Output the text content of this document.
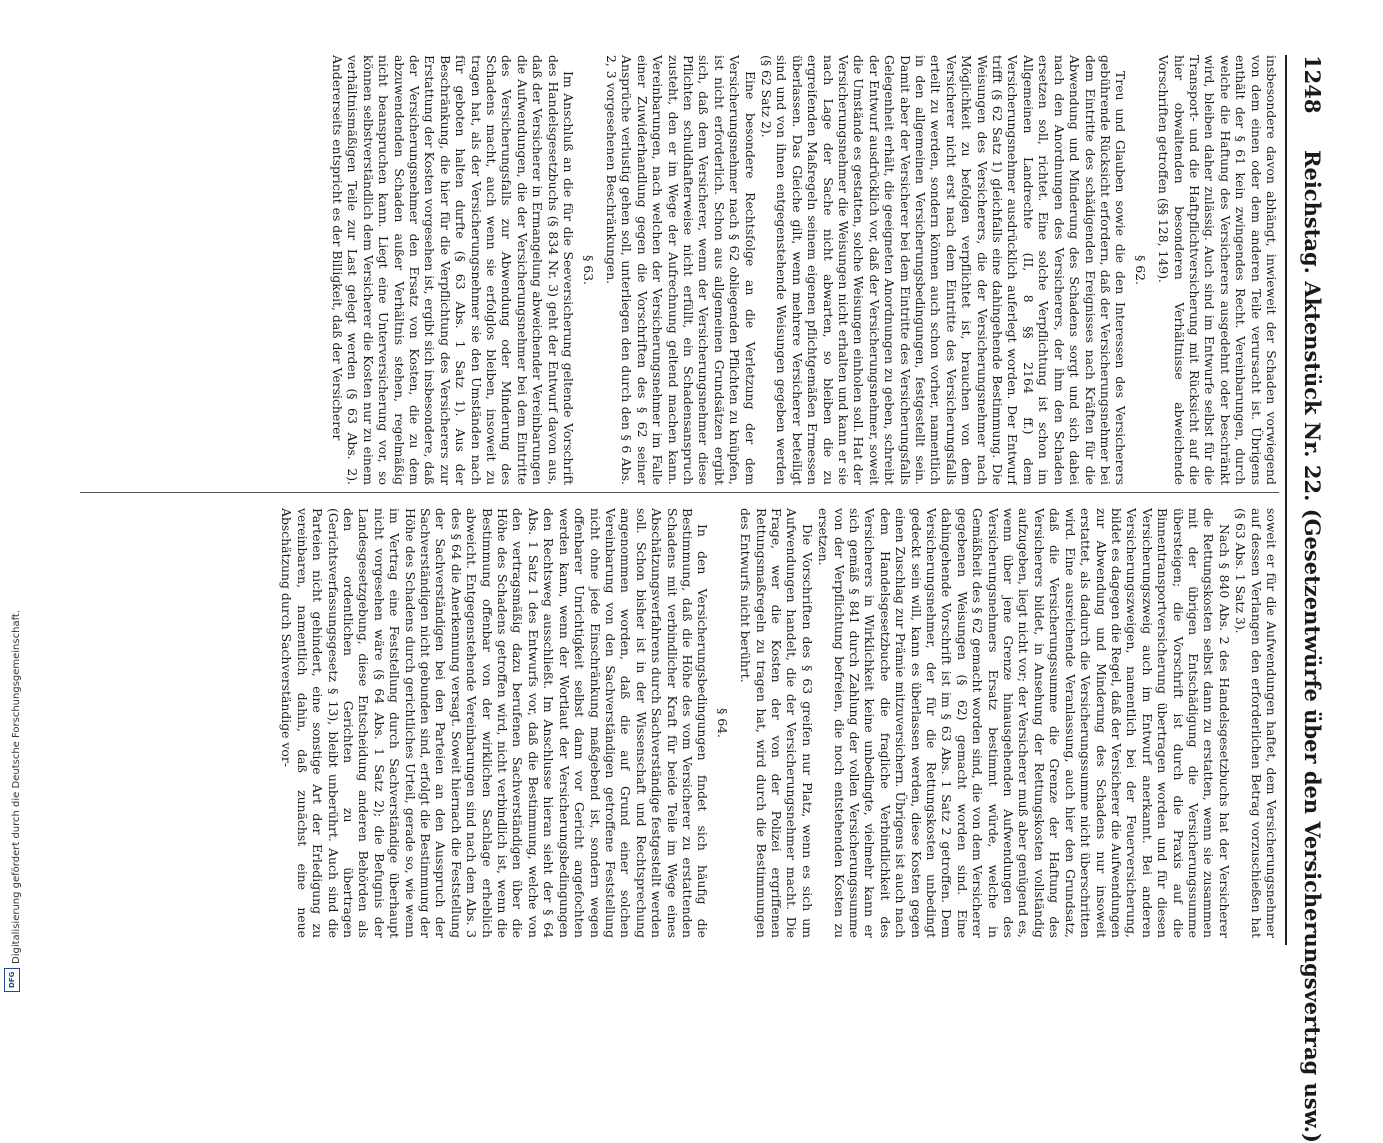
1248
Reichstag. Aktenstück Nr. 22. (Gesetzentwürfe über den Versicherungsvertrag usw.)

insbesondere davon abhängt, inwieweit der Schaden vorwiegend von dem einen oder dem anderen Teile verursacht ist. Übrigens enthält der § 61 kein zwingendes Recht. Vereinbarungen, durch welche die Haftung des Versicherers ausgedehnt oder beschränkt wird, bleiben daher zulässig. Auch sind im Entwurfe selbst für die Transport- und die Haftpflichtversicherung mit Rücksicht auf die hier obwaltenden besonderen Verhältnisse abweichende Vorschriften getroffen (§§ 128, 149).

§ 62.

Treu und Glauben sowie die den Interessen des Versicherers gebührende Rücksicht erfordern, daß der Versicherungsnehmer bei dem Eintritte des schädigenden Ereignisses nach Kräften für die Abwendung und Minderung des Schadens sorgt und sich dabei nach den Anordnungen des Versicherers, der ihm den Schaden ersetzen soll, richtet. Eine solche Verpflichtung ist schon im Allgemeinen Landrechte (II, 8 §§ 2164 ff.) dem Versicherungsnehmer ausdrücklich auferlegt worden. Der Entwurf trifft (§ 62 Satz 1) gleichfalls eine dahingehende Bestimmung. Die Weisungen des Versicherers, die der Versicherungsnehmer nach Möglichkeit zu befolgen verpflichtet ist, brauchen von dem Versicherer nicht erst nach dem Eintritte des Versicherungsfalls erteilt zu werden, sondern können auch schon vorher, namentlich in den allgemeinen Versicherungsbedingungen, festgestellt sein. Damit aber der Versicherer bei dem Eintritte des Versicherungsfalls Gelegenheit erhält, die geeigneten Anordnungen zu geben, schreibt der Entwurf ausdrücklich vor, daß der Versicherungsnehmer, soweit die Umstände es gestatten, solche Weisungen einholen soll. Hat der Versicherungsnehmer die Weisungen nicht erhalten und kann er sie nach Lage der Sache nicht abwarten, so bleiben die zu ergreifenden Maßregeln seinem eigenen pflichtgemäßen Ermessen überlassen. Das Gleiche gilt, wenn mehrere Versicherer beteiligt sind und von ihnen entgegenstehende Weisungen gegeben werden (§ 62 Satz 2).

Eine besondere Rechtsfolge an die Verletzung der dem Versicherungsnehmer nach § 62 obliegenden Pflichten zu knüpfen, ist nicht erforderlich. Schon aus allgemeinen Grundsätzen ergibt sich, daß dem Versicherer, wenn der Versicherungsnehmer diese Pflichten schuldhafterweise nicht erfüllt, ein Schadensanspruch zusteht, den er im Wege der Aufrechnung geltend machen kann. Vereinbarungen, nach welchen der Versicherungsnehmer im Falle einer Zuwiderhandlung gegen die Vorschriften des § 62 seiner Ansprüche verlustig gehen soll, unterliegen den durch den § 6 Abs. 2, 3 vorgesehenen Beschränkungen.

§ 63.

Im Anschluß an die für die Seeversicherung geltende Vorschrift des Handelsgesetzbuchs (§ 834 Nr. 3) geht der Entwurf davon aus, daß der Versicherer in Ermangelung abweichender Vereinbarungen die Aufwendungen, die der Versicherungsnehmer bei dem Eintritte des Versicherungsfalls zur Abwendung oder Minderung des Schadens macht, auch wenn sie erfolglos bleiben, insoweit zu tragen hat, als der Versicherungsnehmer sie den Umständen nach für geboten halten durfte (§ 63 Abs. 1 Satz 1). Aus der Beschränkung, die hier für die Verpflichtung des Versicherers zur Erstattung der Kosten vorgesehen ist, ergibt sich insbesondere, daß der Versicherungsnehmer den Ersatz von Kosten, die zu dem abzuwendenden Schaden außer Verhältnis stehen, regelmäßig nicht beanspruchen kann. Liegt eine Unterversicherung vor, so können selbstverständlich dem Versicherer die Kosten nur zu einem verhältnismäßigen Teile zur Last gelegt werden (§ 63 Abs. 2). Andererseits entspricht es der Billigkeit, daß der Versicherer

soweit er für die Aufwendungen haftet, dem Versicherungsnehmer auf dessen Verlangen den erforderlichen Betrag vorzuschießen hat (§ 63 Abs. 1 Satz 3).

Nach § 840 Abs. 2 des Handelsgesetzbuchs hat der Versicherer die Rettungskosten selbst dann zu erstatten, wenn sie zusammen mit der übrigen Entschädigung die Versicherungssumme übersteigen; die Vorschrift ist durch die Praxis auf die Binnentransportversicherung übertragen worden und für diesen Versicherungszweig auch im Entwurf anerkannt. Bei anderen Versicherungszweigen, namentlich bei der Feuerversicherung, bildet es dagegen die Regel, daß der Versicherer die Aufwendungen zur Abwendung und Minderung des Schadens nur insoweit erstattet, als dadurch die Versicherungssumme nicht überschritten wird. Eine ausreichende Veranlassung, auch hier den Grundsatz, daß die Versicherungssumme die Grenze der Haftung des Versicherers bildet, in Ansehung der Rettungskosten vollständig aufzugeben, liegt nicht vor; der Versicherer muß aber genügend es, wenn über jene Grenze hinausgehenden Aufwendungen des Versicherungsnehmers Ersatz bestimmt würde, welche in Gemäßheit des § 62 gemacht worden sind, die von dem Versicherer gegebenen Weisungen (§ 62) gemacht worden sind. Eine dahingehende Vorschrift ist im § 63 Abs. 1 Satz 2 getroffen. Dem Versicherungsnehmer, der für die Rettungskosten unbedingt gedeckt sein will, kann es überlassen werden, diese Kosten gegen einen Zuschlag zur Prämie mitzuversichern. Übrigens ist auch nach dem Handelsgesetzbuche die fragliche Verbindlichkeit des Versicherers in Wirklichkeit keine unbedingte, vielmehr kann er sich gemäß § 841 durch Zahlung der vollen Versicherungssumme von der Verpflichtung befreien, die noch entstehenden Kosten zu ersetzen.

Die Vorschriften des § 63 greifen nur Platz, wenn es sich um Aufwendungen handelt, die der Versicherungsnehmer macht. Die Frage, wer die Kosten der von der Polizei ergriffenen Rettungsmaßregeln zu tragen hat, wird durch die Bestimmungen des Entwurfs nicht berührt.

§ 64.

In den Versicherungsbedingungen findet sich häufig die Bestimmung, daß die Höhe des vom Versicherer zu erstattenden Schadens mit verbindlicher Kraft für beide Teile im Wege eines Abschätzungsverfahrens durch Sachverständige festgestellt werden soll. Schon bisher ist in der Wissenschaft und Rechtsprechung angenommen worden, daß die auf Grund einer solchen Vereinbarung von den Sachverständigen getroffene Feststellung nicht ohne jede Einschränkung maßgebend ist, sondern wegen offenbarer Unrichtigkeit selbst dann vor Gericht angefochten werden kann, wenn der Wortlaut der Versicherungsbedingungen den Rechtsweg ausschließt. Im Anschlusse hieran sieht der § 64 Abs. 1 Satz 1 des Entwurfs vor, daß die Bestimmung, welche von den vertragsmäßig dazu berufenen Sachverständigen über die Höhe des Schadens getroffen wird, nicht verbindlich ist, wenn die Bestimmung offenbar von der wirklichen Sachlage erheblich abweicht. Entgegenstehende Vereinbarungen sind nach dem Abs. 3 des § 64 die Anerkennung versagt. Soweit hiernach die Feststellung der Sachverständigen bei den Parteien an den Ausspruch der Sachverständigen nicht gebunden sind, erfolgt die Bestimmung der Höhe des Schadens durch gerichtliches Urteil, gerade so, wie wenn im Vertrag eine Feststellung durch Sachverständige überhaupt nicht vorgesehen wäre (§ 64 Abs. 1 Satz 2); die Befugnis der Landesgesetzgebung, diese Entscheidung anderen Behörden als den ordentlichen Gerichten zu übertragen (Gerichtsverfassungsgesetz § 13), bleibt unberührt. Auch sind die Parteien nicht gehindert, eine sonstige Art der Erledigung zu vereinbaren, namentlich dahin, daß zunächst eine neue Abschätzung durch Sachverständige vor-

Digitalisierung gefördert durch die Deutsche Forschungsgemeinschaft.
DFG
